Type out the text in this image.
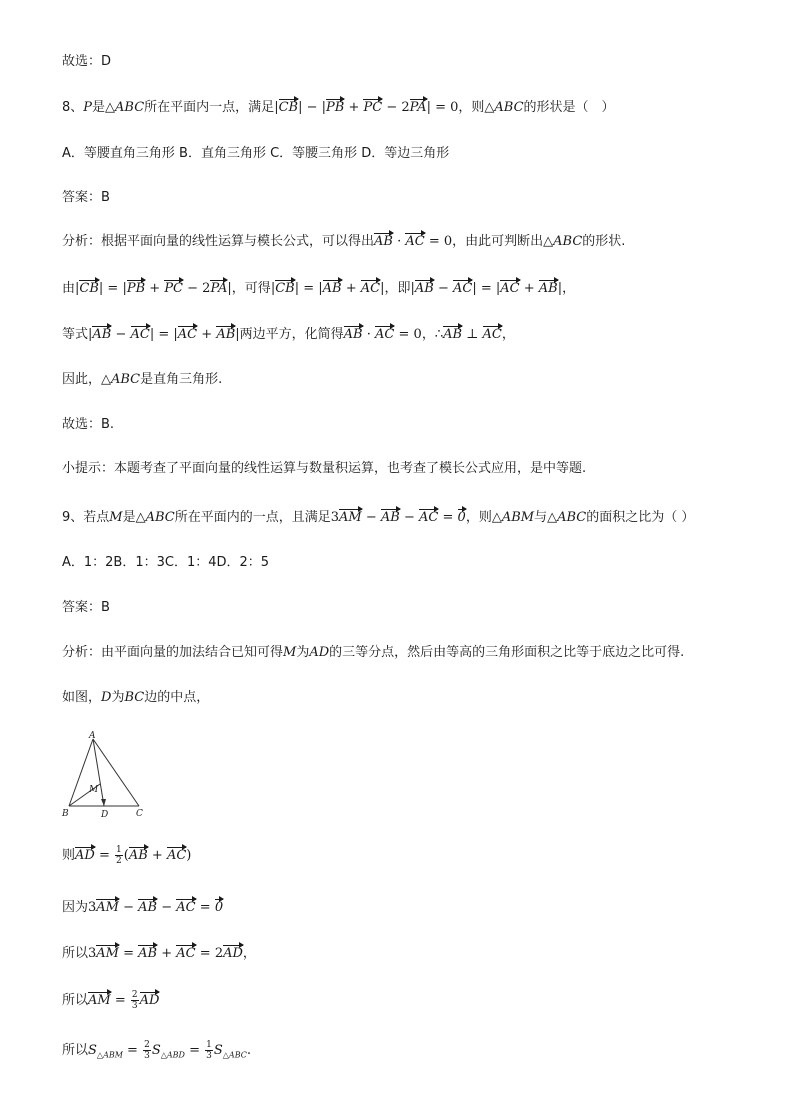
故选：D
8、P是△ABC所在平面内一点，满足|CB| − |PB + PC − 2PA| = 0，则△ABC的形状是（　）
A．等腰直角三角形 B．直角三角形 C．等腰三角形 D．等边三角形
答案：B
分析：根据平面向量的线性运算与模长公式，可以得出AB · AC = 0，由此可判断出△ABC的形状.
由|CB| = |PB + PC − 2PA|，可得|CB| = |AB + AC|，即|AB − AC| = |AC + AB|，
等式|AB − AC| = |AC + AB|两边平方，化简得AB · AC = 0，∴AB ⊥ AC，
因此，△ABC是直角三角形.
故选：B.
小提示：本题考查了平面向量的线性运算与数量积运算，也考查了模长公式应用，是中等题.
9、若点M是△ABC所在平面内的一点，且满足3AM − AB − AC = 0，则△ABM与△ABC的面积之比为（ ）
A．1：2B．1：3C．1：4D．2：5
答案：B
分析：由平面向量的加法结合已知可得M为AD的三等分点，然后由等高的三角形面积之比等于底边之比可得.
如图，D为BC边的中点，
A
B	C
D
M
则AD = $\frac{1}{2} (AB + AC)$
因为3AM − AB − AC = 0
所以3AM = AB + AC = 2AD，
所以AM = $\frac{2}{3}$ AD
所以$S_{\triangle ABM} = \frac{2}{3} S_{\triangle ABD} = \frac{1}{3} S_{\triangle ABC}$.
